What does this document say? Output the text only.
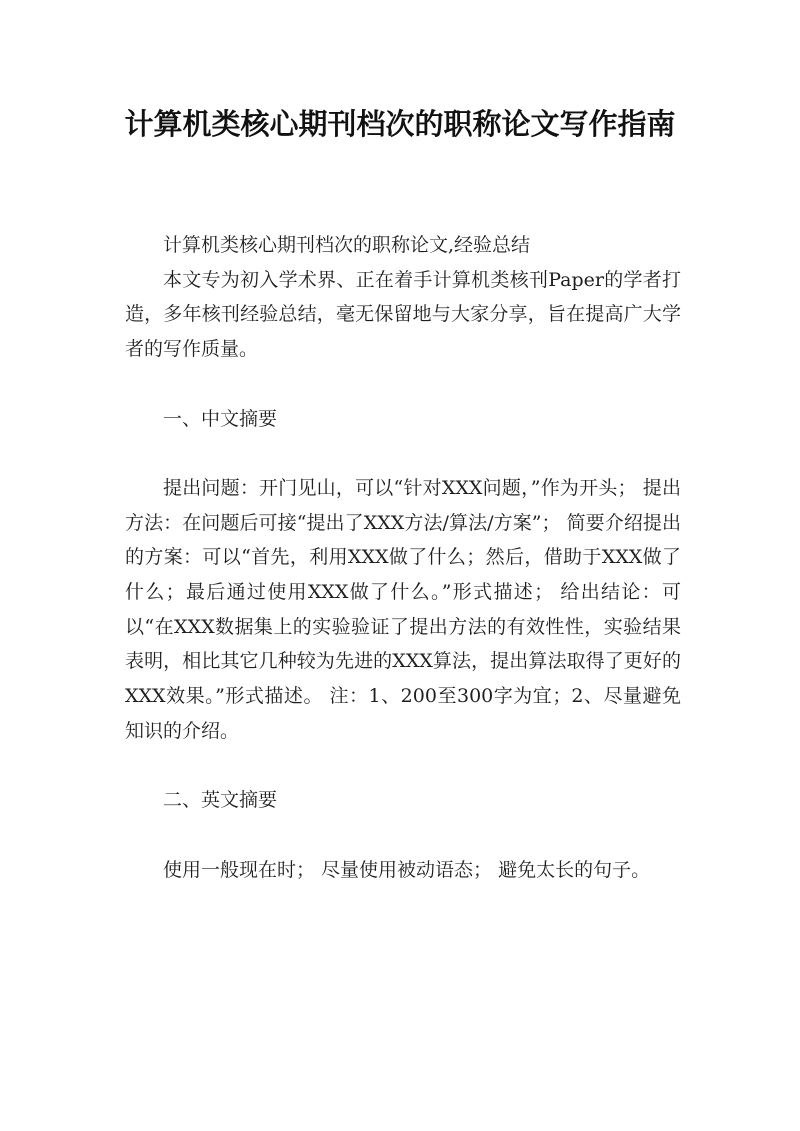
计算机类核心期刊档次的职称论文写作指南

计算机类核心期刊档次的职称论文,经验总结

本文专为初入学术界、正在着手计算机类核刊Paper的学者打造，多年核刊经验总结，毫无保留地与大家分享，旨在提高广大学者的写作质量。

一、中文摘要

提出问题：开门见山，可以“针对XXX问题，”作为开头； 提出方法：在问题后可接“提出了XXX方法/算法/方案”； 简要介绍提出的方案：可以“首先，利用XXX做了什么；然后，借助于XXX做了什么；最后通过使用XXX做了什么。”形式描述； 给出结论：可以“在XXX数据集上的实验验证了提出方法的有效性性，实验结果表明，相比其它几种较为先进的XXX算法，提出算法取得了更好的XXX效果。”形式描述。 注：1、200至300字为宜；2、尽量避免知识的介绍。

二、英文摘要

使用一般现在时； 尽量使用被动语态； 避免太长的句子。
